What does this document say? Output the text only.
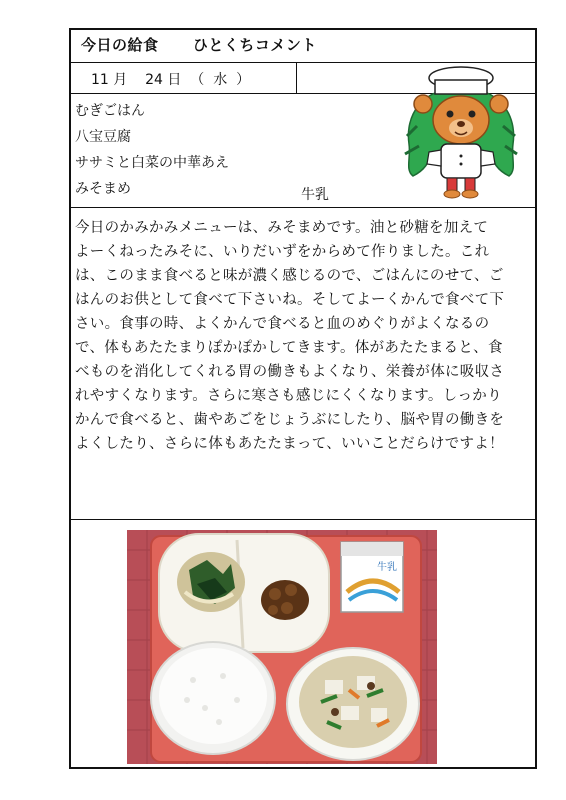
今日の給食 ひとくちコメント
11 月 24 日  （  水  ）
むぎごはん
八宝豆腐
ササミと白菜の中華あえ
みそまめ	牛乳

今日のかみかみメニューは、みそまめです。油と砂糖を加えて

よーくねったみそに、いりだいずをからめて作りました。これ

は、このまま食べると味が濃く感じるので、ごはんにのせて、ご

はんのお供として食べて下さいね。そしてよーくかんで食べて下

さい。食事の時、よくかんで食べると血のめぐりがよくなるの

で、体もあたたまりぽかぽかしてきます。体があたたまると、食

べものを消化してくれる胃の働きもよくなり、栄養が体に吸収さ

れやすくなります。さらに寒さも感じにくくなります。しっかり

かんで食べると、歯やあごをじょうぶにしたり、脳や胃の働きを

よくしたり、さらに体もあたたまって、いいことだらけですよ！

牛乳
